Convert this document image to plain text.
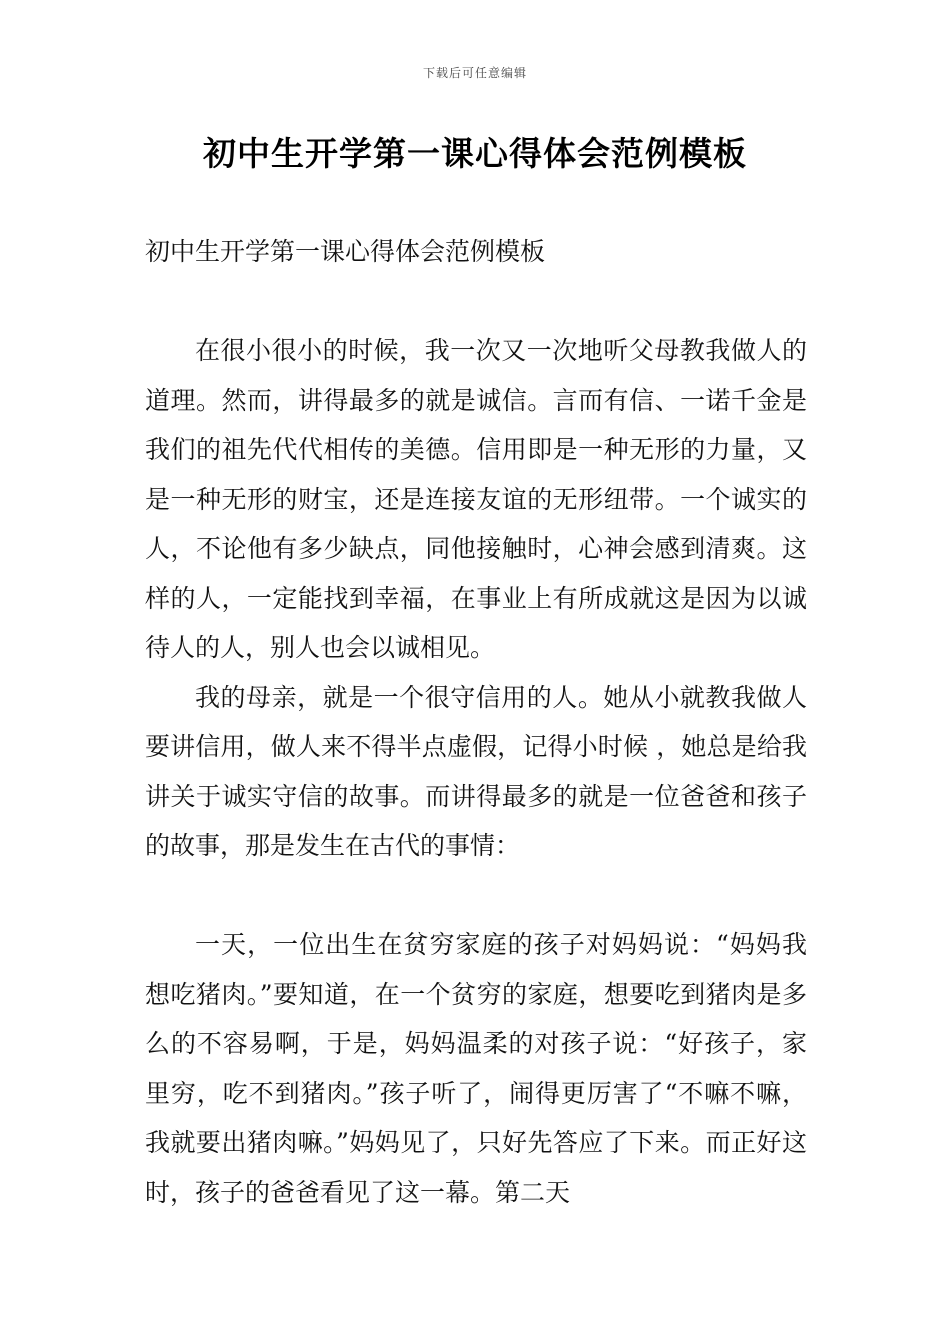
下载后可任意编辑
初中生开学第一课心得体会范例模板
初中生开学第一课心得体会范例模板

在很小很小的时候，我一次又一次地听父母教我做人的道理。然而，讲得最多的就是诚信。言而有信、一诺千金是我们的祖先代代相传的美德。信用即是一种无形的力量，又是一种无形的财宝，还是连接友谊的无形纽带。一个诚实的人，不论他有多少缺点，同他接触时，心神会感到清爽。这样的人，一定能找到幸福，在事业上有所成就这是因为以诚待人的人，别人也会以诚相见。

我的母亲，就是一个很守信用的人。她从小就教我做人要讲信用，做人来不得半点虚假，记得小时候 ，她总是给我讲关于诚实守信的故事。而讲得最多的就是一位爸爸和孩子的故事，那是发生在古代的事情：

一天，一位出生在贫穷家庭的孩子对妈妈说：“妈妈我想吃猪肉。”要知道，在一个贫穷的家庭，想要吃到猪肉是多么的不容易啊，于是，妈妈温柔的对孩子说：“好孩子，家里穷，吃不到猪肉。”孩子听了，闹得更厉害了“不嘛不嘛，我就要出猪肉嘛。”妈妈见了，只好先答应了下来。而正好这时，孩子的爸爸看见了这一幕。第二天
